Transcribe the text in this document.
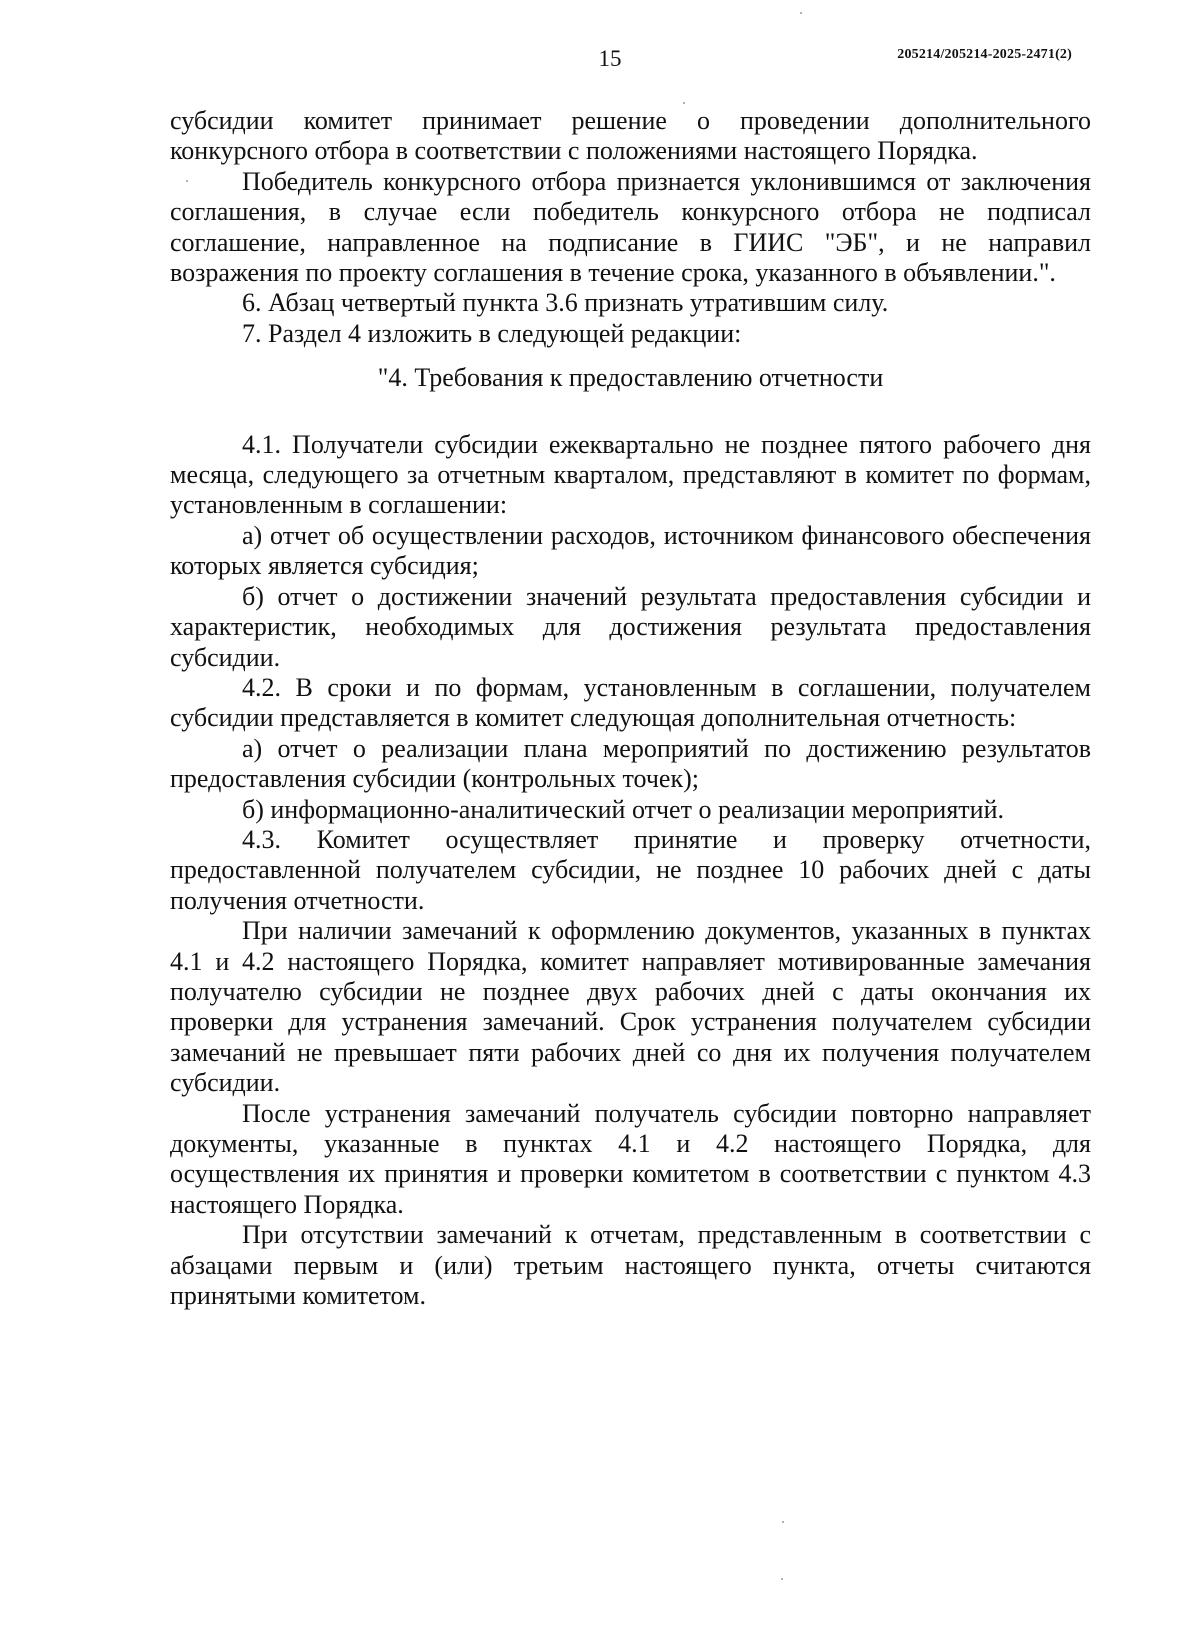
15	205214/205214-2025-2471(2)

субсидии комитет принимает решение о проведении дополнительного конкурсного отбора в соответствии с положениями настоящего Порядка.

Победитель конкурсного отбора признается уклонившимся от заключения соглашения, в случае если победитель конкурсного отбора не подписал соглашение, направленное на подписание в ГИИС "ЭБ", и не направил возражения по проекту соглашения в течение срока, указанного в объявлении.".

6. Абзац четвертый пункта 3.6 признать утратившим силу.

7. Раздел 4 изложить в следующей редакции:

"4. Требования к предоставлению отчетности

4.1. Получатели субсидии ежеквартально не позднее пятого рабочего дня месяца, следующего за отчетным кварталом, представляют в комитет по формам, установленным в соглашении:

а) отчет об осуществлении расходов, источником финансового обеспечения которых является субсидия;

б) отчет о достижении значений результата предоставления субсидии и характеристик, необходимых для достижения результата предоставления субсидии.

4.2. В сроки и по формам, установленным в соглашении, получателем субсидии представляется в комитет следующая дополнительная отчетность:

а) отчет о реализации плана мероприятий по достижению результатов предоставления субсидии (контрольных точек);

б) информационно-аналитический отчет о реализации мероприятий.

4.3. Комитет осуществляет принятие и проверку отчетности, предоставленной получателем субсидии, не позднее 10 рабочих дней с даты получения отчетности.

При наличии замечаний к оформлению документов, указанных в пунктах 4.1 и 4.2 настоящего Порядка, комитет направляет мотивированные замечания получателю субсидии не позднее двух рабочих дней с даты окончания их проверки для устранения замечаний. Срок устранения получателем субсидии замечаний не превышает пяти рабочих дней со дня их получения получателем субсидии.

После устранения замечаний получатель субсидии повторно направляет документы, указанные в пунктах 4.1 и 4.2 настоящего Порядка, для осуществления их принятия и проверки комитетом в соответствии с пунктом 4.3 настоящего Порядка.

При отсутствии замечаний к отчетам, представленным в соответствии с абзацами первым и (или) третьим настоящего пункта, отчеты считаются принятыми комитетом.
